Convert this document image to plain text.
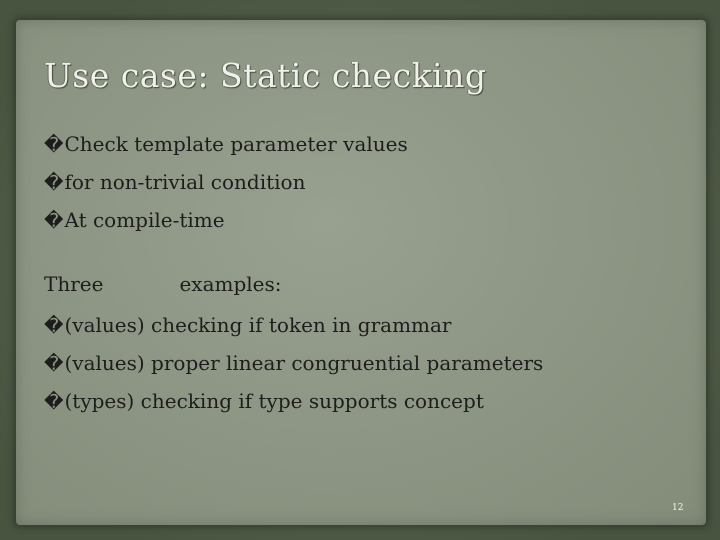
Use case: Static checking
�Check template parameter values
�for non-trivial condition
�At compile-time
Three	examples:
�(values) checking if token in grammar
�(values) proper linear congruential parameters
�(types) checking if type supports concept
12
